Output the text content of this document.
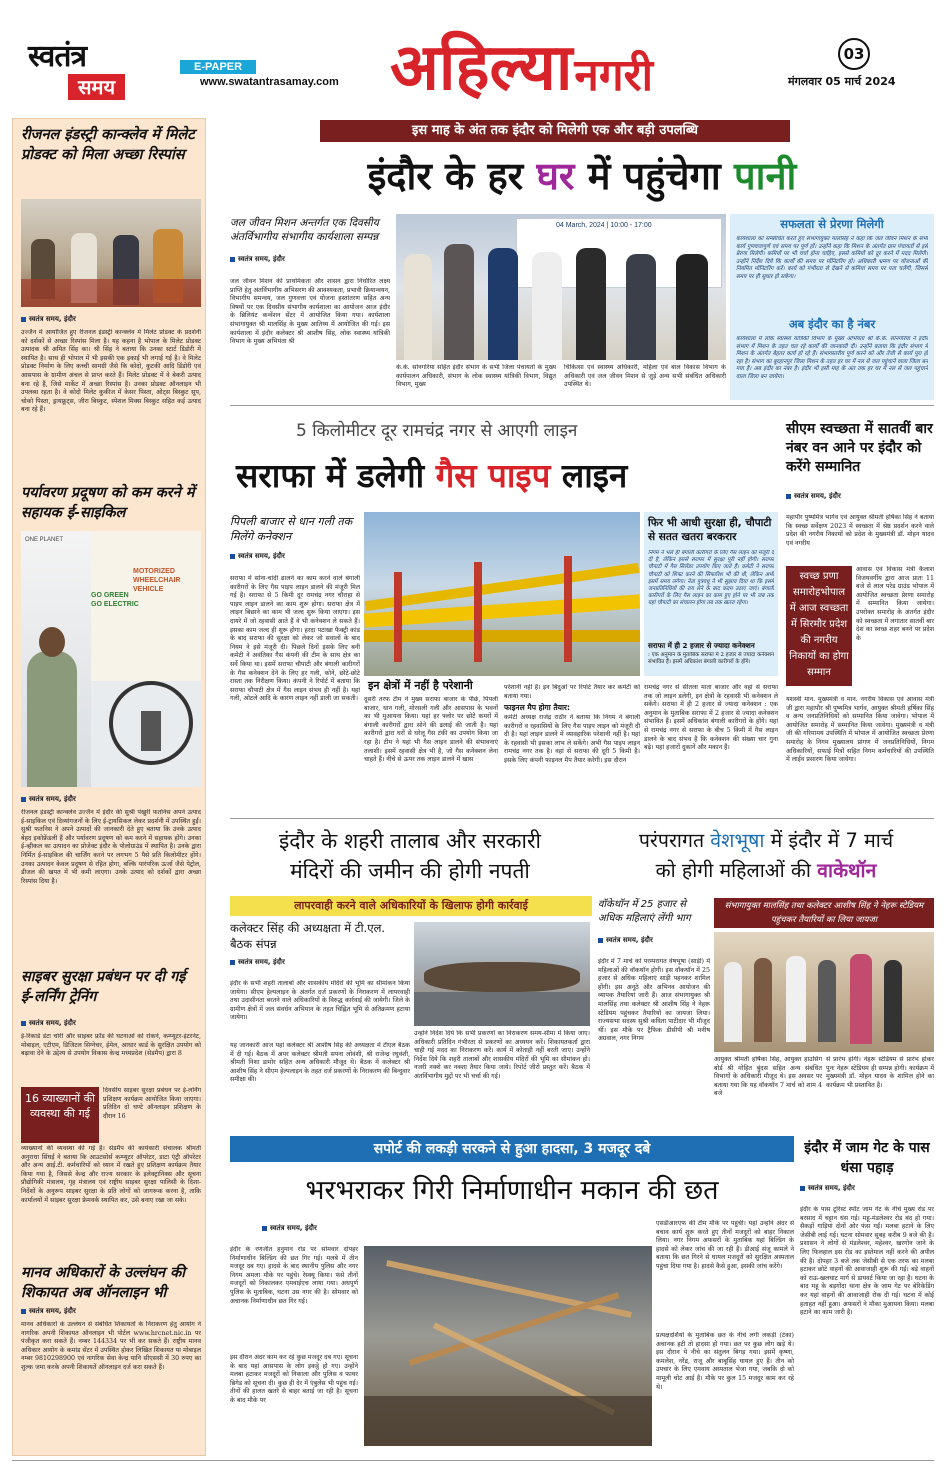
स्वतंत्र
समय
E-PAPER
www.swatantrasamay.com अहिल्या नगरी	03
मंगलवार 05 मार्च 2024
रीजनल इंडस्ट्री कान्क्लेव में मिलेट प्रोडक्ट को मिला अच्छा रिस्पांस
स्वतंत्र समय, इंदौर
उज्जैन में आयोजित हुए रीजनल इंडस्ट्री कान्क्लेव में मिलेट प्रोडक्ट के प्रदर्शनी को दर्शकों से अच्छा रिस्पांस मिला है। यह कहना है भोपाल के मिलेट प्रोडक्ट उत्पादक श्री अमित सिंह का। श्री सिंह ने बताया कि उनका स्टार्ट डिडोरी में स्थापित है। साथ ही भोपाल में भी इसकी एक इकाई भी लगाई गई है। वे मिलेट प्रोडक्ट निर्माण के लिए कच्ची सामग्री जैसे कि कोदो, कुटकी आदि डिंडोरी एवं आसपास के ग्रामीण अंचल से प्राप्त करते हैं। मिलेट प्रोडक्ट में वे बेकरी उत्पाद बना रहे हैं, जिसे मार्केट में अच्छा रिस्पांस है। उनका प्रोडक्ट ऑनलाइन भी उपलब्ध रहता है। वे कोदो मिलेट कुकीज में केसर पिस्ता, ओट्स बिस्कुट सूप, चोको पिस्ता, ड्रायफ्रूट्स, जीरा बिस्कुट, स्पेशल मिक्स बिस्कुट सहित कई उत्पाद बना रहे हैं।
पर्यावरण प्रदूषण को कम करने में सहायक ई-साइकिल
MOTORIZED WHEELCHAIR VEHICLE
GO GREEN GO ELECTRIC
ONE PLANET
स्वतंत्र समय, इंदौर
रीजनल इंडस्ट्री कान्क्लेव उज्जैन में इंदौर की सुश्री पंखुरी फतनिस अपने उत्पाद ई-साइकिल एवं दिव्यांगजनों के लिए ई-ट्रायसिकल लेकर प्रदर्शनी में उपस्थित हुईं। सुश्री फतनिस ने अपने उत्पादों की जानकारी देते हुए बताया कि उनके उत्पाद बेहद इकोफ्रेंडली हैं और पर्यावरण प्रदूषण को कम करने में सहायक होंगे। उनका ई-व्हीकल का उत्पादन का प्रोजेक्ट इंदौर के पोलोग्राउंड में स्थापित है। उनके द्वारा निर्मित ई-साइकिल की चार्जिंग करने पर लगभग 5 पैसे प्रति किलोमीटर होंगे। उनका उत्पादन केवल प्रदूषण से रहित होगा, बल्कि पारंपरिक ऊर्जा जैसे पेट्रोल, डीजल की खपत में भी कमी लाएगा। उनके उत्पाद को दर्शकों द्वारा अच्छा रिस्पांस दिया है।
साइबर सुरक्षा प्रबंधन पर दी गई ई-लर्निंग ट्रेनिंग
स्वतंत्र समय, इंदौर
ई-रिकार्ड डेटा चोरी और साइबर फ्रॉड की घटनाओं को रोकने, कम्प्यूटर-इंटरनेट, मोबाइल, एटीएम, डिजिटल सिग्नेचर, ईमेल, आधार कार्ड के सुरक्षित उपयोग को बढ़ावा देने के उद्देश्य से उपयोग विकास केन्द्र मध्यप्रदेश (सेडमैप) द्वारा 8
16 व्याख्यानों की व्यवस्था की गई
दिवसीय साइबर सुरक्षा प्रबंधन पर ई-लर्निंग प्रशिक्षण कार्यक्रम आयोजित किया जाएगा। प्रतिदिन दो घण्टे ऑनलाइन प्रशिक्षण के दौरान 16
व्याख्यानों की व्यवस्था की गई है। सेडमैप की कार्यकारी संचालक श्रीमती अनुराधा सिंघई ने बताया कि आउटसोर्स कम्प्यूटर ऑपरेटर, डाटा एंट्री ऑपरेटर और अन्य आई.टी. कर्मचारियों को ध्यान में रखते हुए प्रशिक्षण कार्यक्रम तैयार किया गया है, जिससे केन्द्र और राज्य सरकार के इलेक्ट्रानिक्स और सूचना प्रौद्योगिकी मंत्रालय, गृह मंत्रालय एवं राष्ट्रीय साइबर सुरक्षा पालिसी के दिशा-निर्देशों के अनुरूप साइबर सुरक्षा के प्रति लोगों को जागरूक करना है, ताकि कार्यालयों में साइबर सुरक्षा फ्रेमवर्क स्थापित कर, उसे बनाए रखा जा सके।
मानव अधिकारों के उल्लंघन की शिकायत अब ऑनलाइन भी
स्वतंत्र समय, इंदौर
मानव अधिकारों के उल्लंघन से संबंधित शिकायतों के निराकरण हेतु आयोग ने नागरिक अपनी शिकायत ऑनलाइन भी पोर्टल www.hrcnet.nic.in पर पंजीकृत करा सकते हैं। नम्बर 144334 पर भी कर सकते हैं। राष्ट्रीय मानव अधिकार आयोग के कमांड सेंटर में उपस्थित होकर लिखित शिकायत या मोबाइल नम्बर 9810298900 एवं नागरिक सेवा केन्द्र यानि सीएससी में 30 रुपए का शुल्क जमा करके अपनी शिकायतें ऑनलाइन दर्ज करा सकते हैं।
इस माह के अंत तक इंदौर को मिलेगी एक और बड़ी उपलब्धि
इंदौर के हर घर में पहुंचेगा पानी
जल जीवन मिशन अन्तर्गत एक दिवसीय अंतर्विभागीय संभागीय कार्यशाला सम्पन्न
स्वतंत्र समय, इंदौर
जल जीवन मिशन की प्राथमिकता और शासन द्वारा निर्धारित लक्ष्य प्राप्ति हेतु अंतर्विभागीय अभिसरण की आवश्यकता, प्रभावी क्रियान्वयन, विभागीय समन्वय, जल गुणवत्ता एवं योजना हस्तांतरण सहित अन्य विषयों पर एक दिवसीय संभागीय कार्यशाला का आयोजन आज इंदौर के ब्रिलियंट कन्वेंशन सेंटर में आयोजित किया गया। कार्यशाला संभागायुक्त श्री मालसिंह के मुख्य आतिथ्य में आयोजित की गई। इस कार्यशाला में इंदौर कलेक्टर श्री आशीष सिंह, लोक स्वास्थ्य यांत्रिकी विभाग के मुख्य अभियंता श्री
04 March, 2024 | 10:00 - 17:00
के.के. सोनगरिया सहित इंदौर संभाग के सभी जिला पंचायतों के मुख्य कार्यपालन अधिकारी, संभाग के लोक स्वास्थ्य यांत्रिकी विभाग, विद्युत विभाग, मुख्य
चिकित्सा एवं स्वास्थ्य अधिकारी, महिला एवं बाल विकास विभाग के अधिकारी एवं जल जीवन मिशन से जुड़े अन्य सभी संबंधित अधिकारी उपस्थित थे।
सफलता से प्रेरणा मिलेगी
कार्यशाला को सम्बोधित करते हुए संभागायुक्त मालसिंह ने कहा कि जल जीवन मिशन के सभी कार्य गुणवत्तापूर्ण एवं समय पर पूर्ण हों। उन्होंने कहा कि मिशन के अंतर्गत ग्राम पंचायतों से इसे प्रेरणा मिलेगी। कमियों पर भी चर्चा होना चाहिए, इससे कमियों को दूर करने में मदद मिलेगी। उन्होंने निर्देश दिये कि कार्यों की समय पर मॉनिटरिंग हो। अधिकारी भ्रमण पर योजनाओं की नियमित मॉनिटरिंग करें। कार्य को गंभीरता से देखने से कमियां समय पर पता चलेंगी, जिससे समय पर ही सुधार हो सकेगा।
अब इंदौर का है नंबर
कार्यशाला में लोक स्वास्थ्य यांत्रिकी विभाग के मुख्य अभियंता श्री के.के. सोनगरिया ने इंदौर संभाग में मिशन के तहत चल रहे कार्यों की जानकारी दी। उन्होंने बताया कि इंदौर संभाग में मिशन के अंतर्गत बेहतर कार्य हो रहे हैं। संभागस्तरीय पूर्ण करने को और तेजी से कार्य पूरा हो रहा है। संभाग का बुरहानपुर जिला मिशन के तहत हर घर में नल से जल पहुंचाने वाला जिला बन गया है। अब इंदौर का नंबर है। इंदौर भी इसी माह के अंत तक हर घर में नल से जल पहुंचाने वाला जिला बन जायेगा।
5 किलोमीटर दूर रामचंद्र नगर से आएगी लाइन
सराफा में डलेगी गैस पाइप लाइन
पिपली बाजार से धान गली तक मिलेंगे कनेक्शन
स्वतंत्र समय, इंदौर
सराफा में सोना-चांदी ढालने का काम करने वाले बंगाली कारीगरों के लिए गैस पाइप लाइन डालने की मंजूरी मिल गई है। सराफा से 5 किमी दूर रामचंद्र नगर चौराहा से पाइप लाइन डालने का काम शुरू होगा। सराफा क्षेत्र में लाइन बिछाने का काम भी जल्द शुरू किया जाएगा। इस दायरे में जो रहवासी आते हैं वे भी कनेक्शन ले सकते हैं। इसका काम जल्द ही शुरू होगा। हरदा पटाखा फैक्ट्री कांड के बाद सराफा की सुरक्षा को लेकर जो सवालों के बाद नियम ने इसे मंजूरी दी। पिछले दिनों इसके लिए बनी कमेटी ने अवंतिका गैस कंपनी की टीम के साथ क्षेत्र का सर्वे किया था। इसमें सराफा चौपाटी और बंगाली कारीगरों के गैस कनेक्शन देने के लिए हर गली, कोने, छोटे-छोटे रास्ता तक निरीक्षण किया। कंपनी ने रिपोर्ट में बताया कि सराफा चौपाटी क्षेत्र में गैस लाइन संभव ही नहीं है। यहां गली, ओटले आदि के कारण लाइन नहीं डाली जा सकती।
इन क्षेत्रों में नहीं है परेशानी
दूसरी तरफ टीम ने मुख्य सराफा बाजार के पीछे, पिपली बाजार, धान गली, मोरसली गली और आसपास के भवनों का भी मुआयना किया। यहां हर फ्लोर पर छोटे कमरों में बंगाली कारीगरों द्वारा सोने की ढलाई की जाती है। यहां कारीगरों द्वारा घरों से घरेलू गैस टंकी का उपयोग किया जा रहा है। टीम ने यहां भी गैस लाइन डालने की संभावनाएं तलाशी। इसमें रहवासी क्षेत्र भी है, जो गैस कनेक्शन लेना चाहते हैं। नीचे से ऊपर तक लाइन डालने में खास
परेशानी नहीं है। इन बिंदुओं पर रिपोर्ट तैयार कर कमेटी को बताया गया।
फाइनल मैप होगा तैयार:
कमेटी अध्यक्ष राजेंद्र राठौर ने बताया कि निगम ने बंगाली कारीगरों व रहवासियों के लिए गैस पाइप लाइन को मंजूरी दी दी है। यहां लाइन डालने में व्यावहारिक परेशानी नहीं है। यहां के रहवासी भी इसका लाभ ले सकेंगे। अभी गैस पाइप लाइन रामचंद्र नगर तक है। वहां से सराफा की दूरी 5 किमी है। इसके लिए कंपनी फाइनल मैप तैयार करेगी। इस दौरान
फिर भी आधी सुरक्षा ही, चौपाटी से सतत खतरा बरकरार
निगम ने भले ही बंगाली कारीगरों के लिए गैस लाइन को मंजूरी दे दी है, लेकिन इससे सराफा में सुरक्षा पूरी नहीं होगी। सराफा चौपाटी में गैस सिलेंडर उपयोग किए जाते हैं। कमेटी ने सराफा चौपाटी को शिफ्ट करने की सिफारिश भी की थी, लेकिन अभी इसमें समय लगेगा। नेता पुत्रवधू ने भी सुझाव दिया था कि इसमें जनप्रतिनिधियों की राय लेने के बाद कदम उठाए जाएं। बंगाली कारीगरों के लिए गैस लाइन का काम हुए होने पर भी जब तक यहां चौपाटी का संचालन होगा तब तक खतरा रहेगा।
सराफा में ही 2 हजार से ज्यादा कनेक्शन
: एक अनुमान के मुताबिक सराफा में 2 हजार से ज्यादा कनेक्शन संभावित हैं। इसमें अधिकांश बंगाली कारीगरों के होंगे।
रामचंद्र नगर से सीतला माता बाजार और वहां से सराफा तक जो लाइन डलेगी, इन क्षेत्रों के रहवासी भी कनेक्शन ले सकेंगे। सराफा में ही 2 हजार से ज्यादा कनेक्शन : एक अनुमान के मुताबिक सराफा में 2 हजार से ज्यादा कनेक्शन संभावित हैं। इसमें अधिकांश बंगाली कारीगरों के होंगे। यहां से रामचंद्र नगर से सराफा के बीच 5 किमी में गैस लाइन डालने के बाद संभव है कि कनेक्शन की संख्या चार गुना बढ़े। यहां हजारों दुकानें और मकान हैं।
सीएम स्वच्छता में सातवीं बार नंबर वन आने पर इंदौर को करेंगे सम्मानित
स्वतंत्र समय, इंदौर
महापौर पुष्यमित्र भार्गव एवं आयुक्त श्रीमती हर्षिका सिंह ने बताया कि स्वच्छ सर्वेक्षण 2023 में स्वच्छता में श्रेष्ठ प्रदर्शन करने वाले प्रदेश की नगरीय निकायों को प्रदेश के मुख्यमंत्री डॉ. मोहन यादव एवं नगरीय
स्वच्छ प्रणा समारोहभोपाल में आज स्वच्छता में सिरमौर प्रदेश की नगरीय निकायों का होगा सम्मान
आवास एवं विकास मंत्री कैलाश विजयवर्गीय द्वारा आज प्रातः 11 बजे से लाल परेड ग्राउंड भोपाल में आयोजित स्वच्छता प्रेरणा समारोह में सम्मानित किया जायेगा। उपरोक्त समारोह के अंतर्गत इंदौर को स्वच्छता में लगातार सातवीं बार देश का स्वच्छ शहर बनने पर प्रदेश के
यशस्वी मान. मुख्यमंत्री व मान. नगरीय विकास एवं आवास मंत्री जी द्वारा महापौर श्री पुष्यमित्र भार्गव, आयुक्त श्रीमती हर्षिका सिंह व अन्य जनप्रतिनिधियों को सम्मानित किया जावेगा। भोपाल में आयोजित समारोह में सम्मानित किया जावेगा। मुख्यमंत्री व मंत्री जी की गरिमामय उपस्थिति में भोपाल में आयोजित स्वच्छता प्रेरणा समारोह के निगम मुख्यालय प्रांगण में जनप्रतिनिधियों, निगम अधिकारियों, सफाई मित्रों सहित निगम कर्मचारियों की उपस्थिति में लाईव प्रसारण किया जावेगा।
इंदौर के शहरी तालाब और सरकारी
मंदिरों की जमीन की होगी नपती
लापरवाही करने वाले अधिकारियों के खिलाफ होगी कार्रवाई
कलेक्टर सिंह की अध्यक्षता में टी.एल. बैठक संपन्न
स्वतंत्र समय, इंदौर
इंदौर के सभी शहरी तालाबों और शासकीय मंदिरों की भूमि का सीमांकन किया जायेगा। सीएम हेल्पलाइन के अंतर्गत दर्ज प्रकरणों के निराकरण में लापरवाही तथा उदासीनता बरतने वाले अधिकारियों के विरुद्ध कार्रवाई की जायेगी। जिले के ग्रामीण क्षेत्रों में जल संवर्धन अभियान के तहत चिह्नित भूमि से अतिक्रमण हटाया जायेगा।
यह जानकारी आज यहां कलेक्टर श्री आशीष सिंह की अध्यक्षता में टीएल बैठक में दी गई। बैठक में अपर कलेक्टर श्रीमती सपना लोवंशी, श्री राजेन्द्र रघुवंशी, श्रीमती निशा डामोर सहित अन्य अधिकारी मौजूद थे। बैठक में कलेक्टर श्री आशीष सिंह ने सीएम हेल्पलाइन के तहत दर्ज प्रकरणों के निराकरण की बिन्दुवार समीक्षा की।
उन्होंने निर्देश दिये कि सभी प्रकरणों का निराकरण समय-सीमा में किया जाए। अधिकारी प्रतिदिन गंभीरता से प्रकरणों का अध्ययन करें। शिकायतकर्ता द्वारा चाही गई मदद का निराकरण करें। कार्य में कोताही नहीं बरती जाए। उन्होंने निर्देश दिये कि शहरी तालाबों और शासकीय मंदिरों की भूमि का सीमांकन हो। नजरी नक्शे कर नक्शा तैयार किया जाये। रिपोर्ट जीरो प्रस्तुत करें। बैठक में अंतर्विभागीय मुद्दों पर भी चर्चा की गई।
परंपरागत वेशभूषा में इंदौर में 7 मार्च
को होगी महिलाओं की वाकेथॉन
वॉकेथॉन में 25 हजार से अधिक महिलाएं लेंगी भाग
स्वतंत्र समय, इंदौर
इंदौर में 7 मार्च को परम्परागत वेषभूषा (साड़ी) में महिलाओं की वॉकथॉन होगी। इस वॉकथॉन में 25 हजार से अधिक महिलाएं साड़ी पहनकर शामिल होंगी। इस अनूठे और अभिनव आयोजन की व्यापक तैयारियां जारी हैं। आज संभागायुक्त श्री मालसिंह तथा कलेक्टर श्री आशीष सिंह ने नेहरू स्टेडियम पहुंचकर तैयारियों का जायजा लिया। राज्यसभा सदस्य सुश्री कविता पाटीदार भी मौजूद थीं। इस मौके पर ट्रैफिक डीसीपी श्री मनीष अग्रवाल, नगर निगम
संभागायुक्त मालसिंह तथा कलेक्टर आशीष सिंह ने नेहरू स्टेडियम पहुंचकर तैयारियों का लिया जायजा
आयुक्त श्रीमती हर्षिका सिंह, आयुक्त हाउसिंग बोर्ड श्री मोहित बुंदस सहित अन्य संबंधित विभागों के अधिकारी मौजूद थे। इस अवसर पर बताया गया कि यह वॉकथॉन 7 मार्च को शाम 4 बजे
से प्रारंभ होगी। नेहरू स्टेडियम से प्रारंभ होकर पुनः नेहरू स्टेडियम ही सम्पन्न होगी। कार्यक्रम में मुख्यमंत्री डॉ. मोहन यादव के शामिल होने का कार्यक्रम भी प्रस्तावित है।
सपोर्ट की लकड़ी सरकने से हुआ हादसा, 3 मजदूर दबे
भरभराकर गिरी निर्माणाधीन मकान की छत
स्वतंत्र समय, इंदौर
इंदौर के रणजीत हनुमान रोड पर सोमवार दोपहर निर्माणाधीन बिल्डिंग की छत गिर गई। मलबे में तीन मजदूर दब गए। हादसे के बाद स्थानीय पुलिस और नगर निगम अमला मौके पर पहुंचे। रेस्क्यू किया। फंसे तीनों मजदूरों को निकालकर एमवाईएच लाया गया। अधपूर्ण पुलिस के मुताबिक, घटना उस नगर की है। सोमवार को अचानक निर्माणाधीन छत गिर गई।
इस दौरान अंदर काम कर रहे कुछ मजदूर दब गए। सूचना के बाद यहां आसपास के लोग इकट्ठे हो गए। उन्होंने मलबा हटाकर मजदूरों को निकाला और पुलिस व फायर ब्रिगेड को सूचना दी। कुछ ही देर में एंबुलेंस भी पहुंच गई। तीनों की हालत खतरे से बाहर बताई जा रही है। सूचना के बाद मौके पर
एसडीआरएफ की टीम मौके पर पहुंची। यहां उन्होंने अंदर से बचाव कार्य शुरू करते हुए तीनों मजदूरों को बाहर निकाल लिया। नगर निगम अफसरों के मुताबिक यहां बिल्डिंग के हादसे को लेकर जांच की जा रही है। डीआई संजू कामले ने बताया कि छत गिरने से घायल मजदूरों को सुरक्षित अस्पताल पहुंचा दिया गया है। हादसे कैसे हुआ, इसकी जांच करेंगे।
प्रत्यक्षदर्शियों के मुताबिक छत के नीचे लगी लकड़ी (टेका) अचानक हटी तो हादसा हो गया। छत पर कुछ लोग खड़े थे। इस दौरान ये नीचे का संतुलन बिगड़ गया। इसमें कृष्णा, कमलेश, नरेंद्र, राजू और बाबूसिंह घायल हुए हैं। तीन को उपचार के लिए एमवाय अस्पताल भेजा गया, जबकि दो को मामूली चोट आई है। मौके पर कुल 15 मजदूर काम कर रहे थे।
इंदौर में जाम गेट के पास धंसा पहाड़
स्वतंत्र समय, इंदौर
इंदौर के पास टूरिस्ट स्पॉट जाम गेट के नीचे मुख्य रोड पर बरसाद में चट्टान धंस गई। महू-मंडलेश्वर रोड बंद हो गया। सैकड़ों गाड़ियां दोनों ओर फंस गईं। मलबा हटाने के लिए जेसीबी लाई गई। घटना सोमवार सुबह करीब 9 बजे की है। प्रशासन ने लोगों से मंडलेश्वर, महेश्वर, खरगोन जाने के लिए फिलहाल इस रोड का इस्तेमाल नहीं करने की अपील की है। दोपहर 3 बजे तक जेसीबी से एक तरफ का मलबा हटाकर छोटे वाहनों की आवाजाही शुरू की गई। बड़े वाहनों को राऊ-खलघाट मार्ग से डायवर्ट किया जा रहा है। घटना के बाद महू के बड़गोंदा थाना क्षेत्र के जाम गेट पर बेरिकेडिंग कर यहां वाहनों की आवाजाही रोक दी गई। घटना में कोई हताहत नहीं हुआ। अफसरों ने मौका मुआयना किया। मलबा हटाने का काम जारी है।
